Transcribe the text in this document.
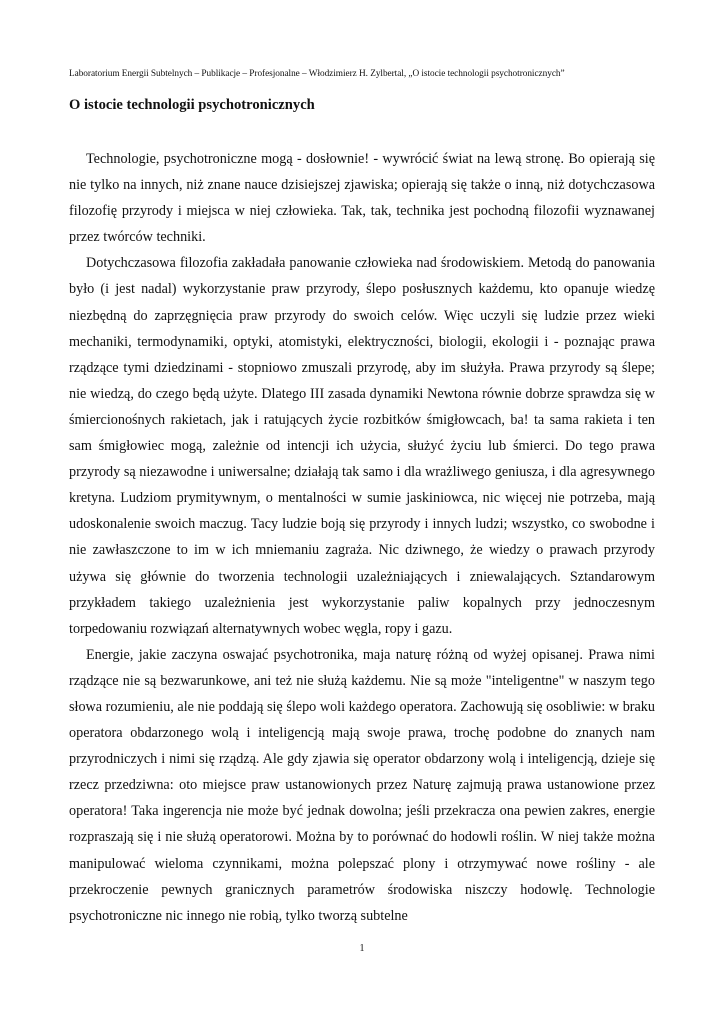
Laboratorium Energii Subtelnych – Publikacje – Profesjonalne – Włodzimierz H. Zylbertal, „O istocie technologii psychotronicznych”
O istocie technologii psychotronicznych

Technologie, psychotroniczne mogą - dosłownie! - wywrócić świat na lewą stronę. Bo opierają się nie tylko na innych, niż znane nauce dzisiejszej zjawiska; opierają się także o inną, niż dotychczasowa filozofię przyrody i miejsca w niej człowieka. Tak, tak, technika jest pochodną filozofii wyznawanej przez twórców techniki.

Dotychczasowa filozofia zakładała panowanie człowieka nad środowiskiem. Metodą do panowania było (i jest nadal) wykorzystanie praw przyrody, ślepo posłusznych każdemu, kto opanuje wiedzę niezbędną do zaprzęgnięcia praw przyrody do swoich celów. Więc uczyli się ludzie przez wieki mechaniki, termodynamiki, optyki, atomistyki, elektryczności, biologii, ekologii i - poznając prawa rządzące tymi dziedzinami - stopniowo zmuszali przyrodę, aby im służyła. Prawa przyrody są ślepe; nie wiedzą, do czego będą użyte. Dlatego III zasada dynamiki Newtona równie dobrze sprawdza się w śmiercionośnych rakietach, jak i ratujących życie rozbitków śmigłowcach, ba! ta sama rakieta i ten sam śmigłowiec mogą, zależnie od intencji ich użycia, służyć życiu lub śmierci. Do tego prawa przyrody są niezawodne i uniwersalne; działają tak samo i dla wrażliwego geniusza, i dla agresywnego kretyna. Ludziom prymitywnym, o mentalności w sumie jaskiniowca, nic więcej nie potrzeba, mają udoskonalenie swoich maczug. Tacy ludzie boją się przyrody i innych ludzi; wszystko, co swobodne i nie zawłaszczone to im w ich mniemaniu zagraża. Nic dziwnego, że wiedzy o prawach przyrody używa się głównie do tworzenia technologii uzależniających i zniewalających. Sztandarowym przykładem takiego uzależnienia jest wykorzystanie paliw kopalnych przy jednoczesnym torpedowaniu rozwiązań alternatywnych wobec węgla, ropy i gazu.

Energie, jakie zaczyna oswajać psychotronika, maja naturę różną od wyżej opisanej. Prawa nimi rządzące nie są bezwarunkowe, ani też nie służą każdemu. Nie są może "inteligentne" w naszym tego słowa rozumieniu, ale nie poddają się ślepo woli każdego operatora. Zachowują się osobliwie: w braku operatora obdarzonego wolą i inteligencją mają swoje prawa, trochę podobne do znanych nam przyrodniczych i nimi się rządzą. Ale gdy zjawia się operator obdarzony wolą i inteligencją, dzieje się rzecz przedziwna: oto miejsce praw ustanowionych przez Naturę zajmują prawa ustanowione przez operatora! Taka ingerencja nie może być jednak dowolna; jeśli przekracza ona pewien zakres, energie rozpraszają się i nie służą operatorowi. Można by to porównać do hodowli roślin. W niej także można manipulować wieloma czynnikami, można polepszać plony i otrzymywać nowe rośliny - ale przekroczenie pewnych granicznych parametrów środowiska niszczy hodowlę. Technologie psychotroniczne nic innego nie robią, tylko tworzą subtelne

1
